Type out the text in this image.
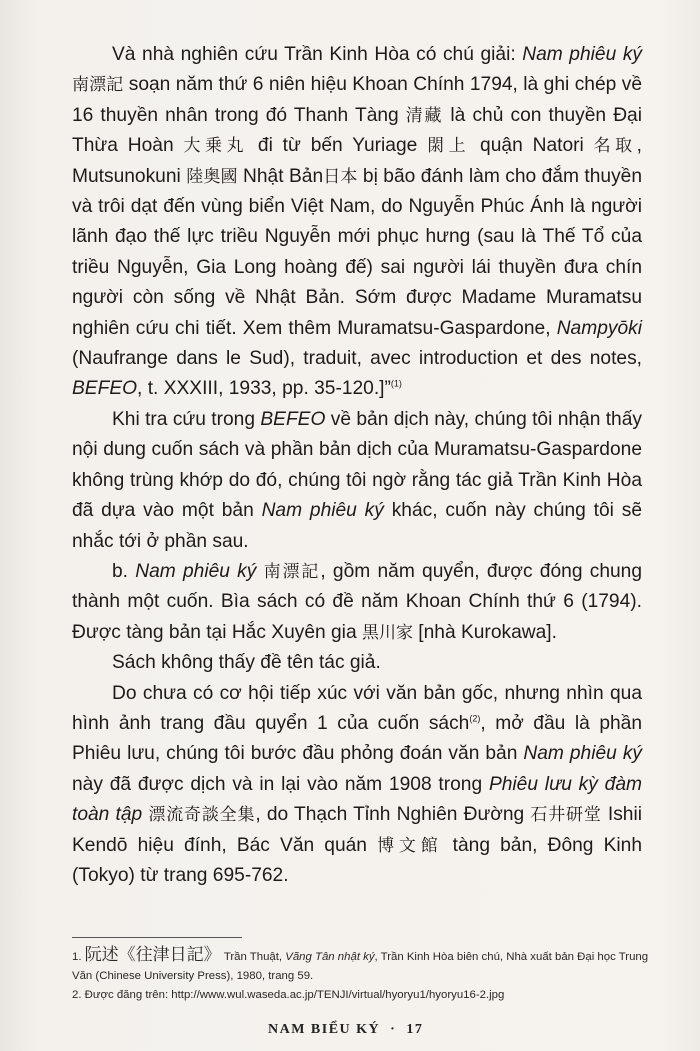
Và nhà nghiên cứu Trần Kinh Hòa có chú giải: Nam phiêu ký 南漂記 soạn năm thứ 6 niên hiệu Khoan Chính 1794, là ghi chép về 16 thuyền nhân trong đó Thanh Tàng 清藏 là chủ con thuyền Đại Thừa Hoàn 大乗丸 đi từ bến Yuriage 閖上 quận Natori 名取, Mutsunokuni 陸奥國 Nhật Bản日本 bị bão đánh làm cho đắm thuyền và trôi dạt đến vùng biển Việt Nam, do Nguyễn Phúc Ánh là người lãnh đạo thế lực triều Nguyễn mới phục hưng (sau là Thế Tổ của triều Nguyễn, Gia Long hoàng đế) sai người lái thuyền đưa chín người còn sống về Nhật Bản. Sớm được Madame Muramatsu nghiên cứu chi tiết. Xem thêm Muramatsu-Gaspardone, Nampyōki (Naufrange dans le Sud), traduit, avec introduction et des notes, BEFEO, t. XXXIII, 1933, pp. 35-120.]”$^{(1)}$

Khi tra cứu trong BEFEO về bản dịch này, chúng tôi nhận thấy nội dung cuốn sách và phần bản dịch của Muramatsu-Gaspardone không trùng khớp do đó, chúng tôi ngờ rằng tác giả Trần Kinh Hòa đã dựa vào một bản Nam phiêu ký khác, cuốn này chúng tôi sẽ nhắc tới ở phần sau.

b. Nam phiêu ký 南漂記, gồm năm quyển, được đóng chung thành một cuốn. Bìa sách có đề năm Khoan Chính thứ 6 (1794). Được tàng bản tại Hắc Xuyên gia 黒川家 [nhà Kurokawa].

Sách không thấy đề tên tác giả.

Do chưa có cơ hội tiếp xúc với văn bản gốc, nhưng nhìn qua hình ảnh trang đầu quyển 1 của cuốn sách$^{(2)}$, mở đầu là phần Phiêu lưu, chúng tôi bước đầu phỏng đoán văn bản Nam phiêu ký này đã được dịch và in lại vào năm 1908 trong Phiêu lưu kỳ đàm toàn tập 漂流奇談全集, do Thạch Tỉnh Nghiên Đường 石井研堂 Ishii Kendō hiệu đính, Bác Văn quán 博文館 tàng bản, Đông Kinh (Tokyo) từ trang 695-762.

1. 阮述《往津日記》 Trần Thuật, Vãng Tân nhật ký, Trần Kinh Hòa biên chú, Nhà xuất bản Đại học Trung Văn (Chinese University Press), 1980, trang 59.

2. Được đăng trên: http://www.wul.waseda.ac.jp/TENJI/virtual/hyoryu1/hyoryu16-2.jpg

NAM BIỂU KÝ · 17
